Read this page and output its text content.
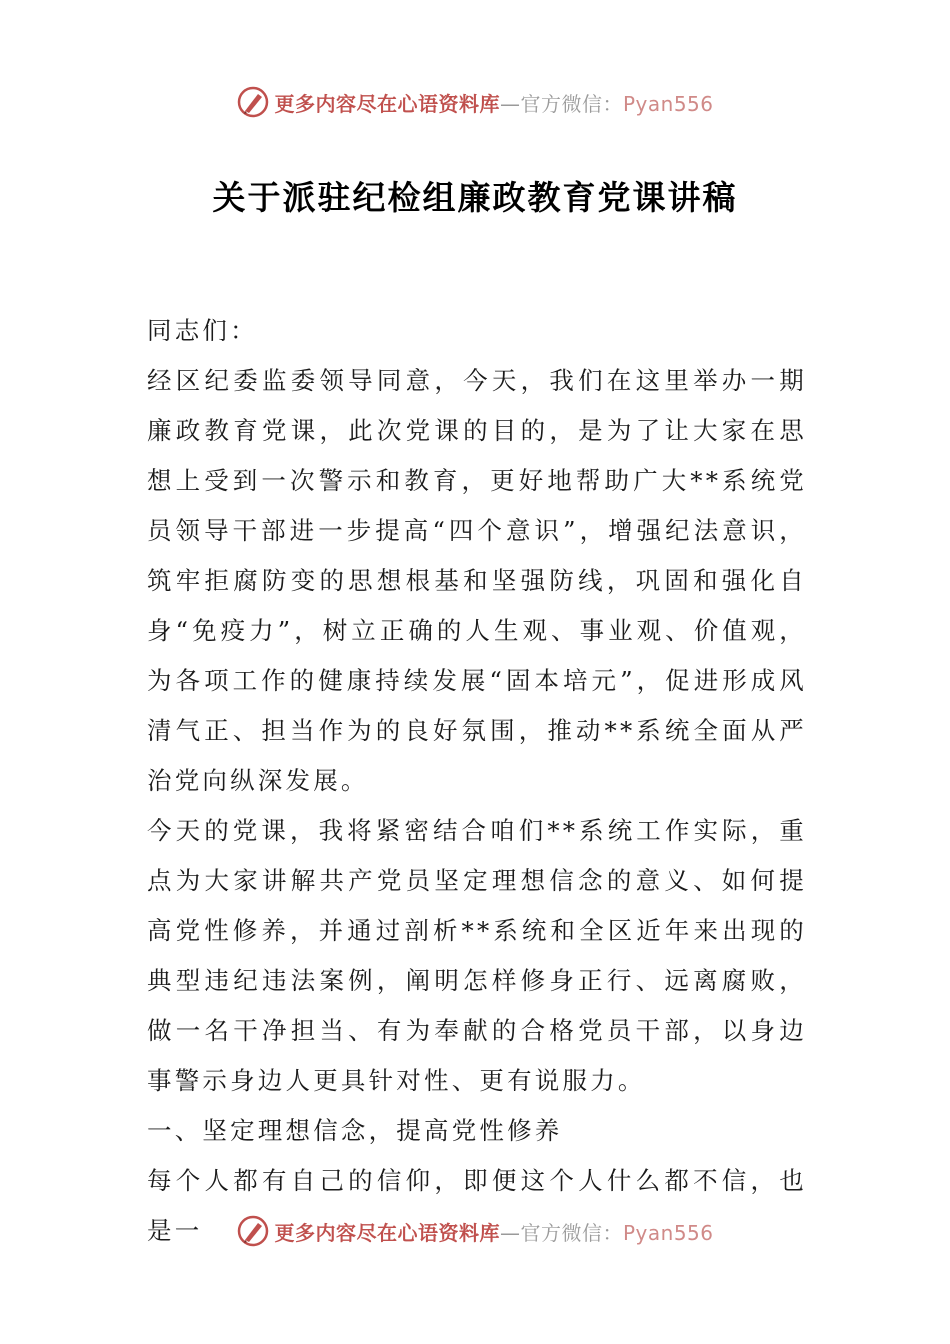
更多内容尽在心语资料库—官方微信：Pyan556
关于派驻纪检组廉政教育党课讲稿

同志们：

经区纪委监委领导同意，今天，我们在这里举办一期廉政教育党课，此次党课的目的，是为了让大家在思想上受到一次警示和教育，更好地帮助广大**系统党员领导干部进一步提高“四个意识”，增强纪法意识，筑牢拒腐防变的思想根基和坚强防线，巩固和强化自身“免疫力”，树立正确的人生观、事业观、价值观，为各项工作的健康持续发展“固本培元”，促进形成风清气正、担当作为的良好氛围，推动**系统全面从严治党向纵深发展。

今天的党课，我将紧密结合咱们**系统工作实际，重点为大家讲解共产党员坚定理想信念的意义、如何提高党性修养，并通过剖析**系统和全区近年来出现的典型违纪违法案例，阐明怎样修身正行、远离腐败，做一名干净担当、有为奉献的合格党员干部，以身边事警示身边人更具针对性、更有说服力。

一、坚定理想信念，提高党性修养

每个人都有自己的信仰，即便这个人什么都不信，也是一	更多内容尽在心语资料库—官方微信：Pyan556
